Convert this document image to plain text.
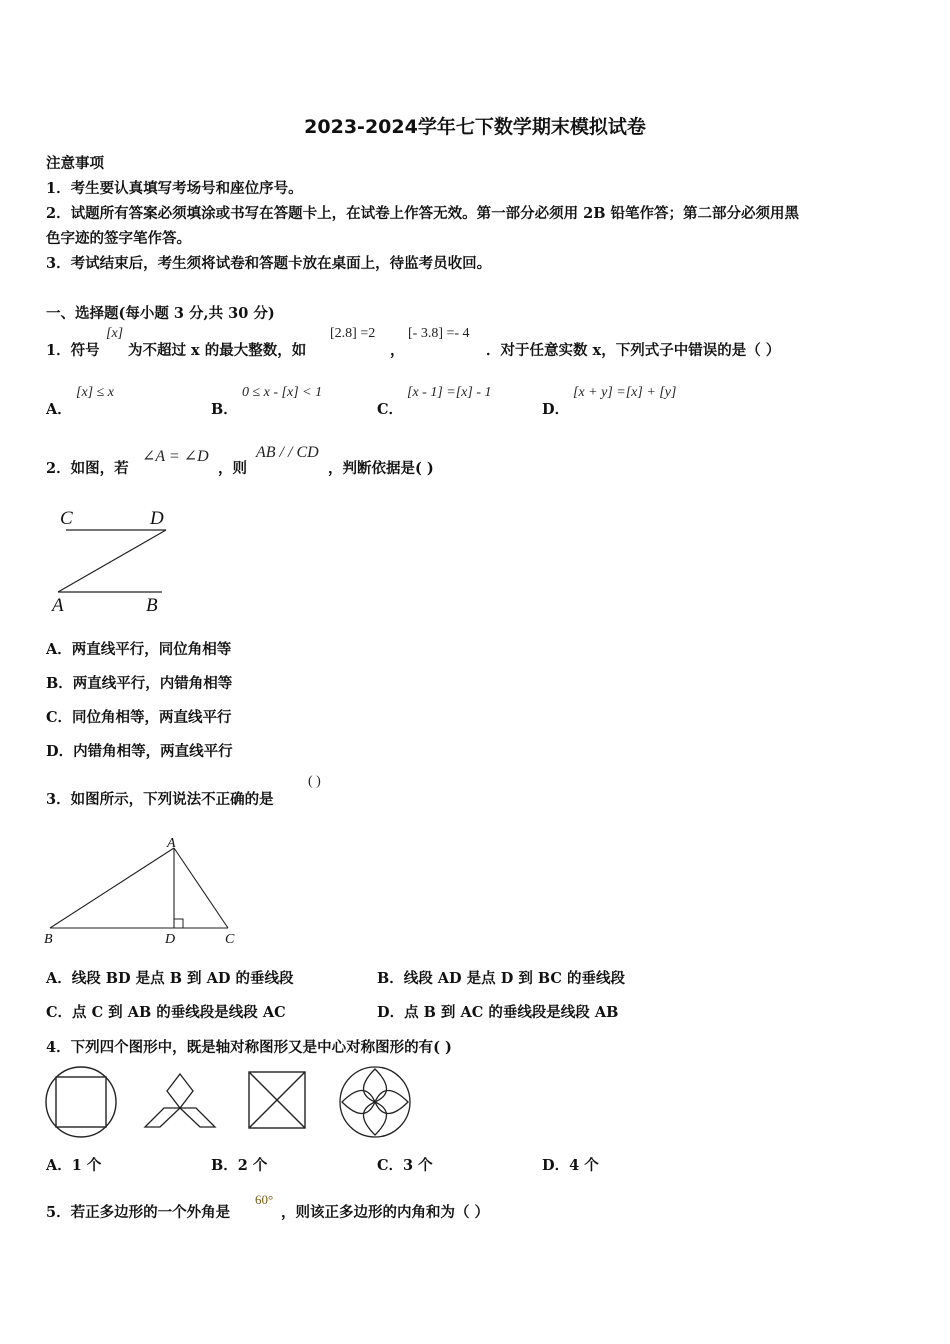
2023-2024学年七下数学期末模拟试卷
注意事项
1．考生要认真填写考场号和座位序号。
2．试题所有答案必须填涂或书写在答题卡上，在试卷上作答无效。第一部分必须用 2B 铅笔作答；第二部分必须用黑
色字迹的签字笔作答。
3．考试结束后，考生须将试卷和答题卡放在桌面上，待监考员收回。
一、选择题(每小题 3 分,共 30 分)
1．符号
[x]
为不超过 x 的最大整数，如
[2.8] =2
，
[- 3.8] =- 4
．对于任意实数 x，下列式子中错误的是（ ）
A．
[x] ≤ x
B．
0 ≤ x - [x] < 1
C．
[x - 1] =[x] - 1
D．
[x + y] =[x] + [y]
2．如图，若
∠A = ∠D
，则
AB / / CD
，判断依据是( )
C	D
A	B
A．两直线平行，同位角相等
B．两直线平行，内错角相等
C．同位角相等，两直线平行
D．内错角相等，两直线平行
3．如图所示，下列说法不正确的是
( )
A
B	D	C
A．线段 BD 是点 B 到 AD 的垂线段	B．线段 AD 是点 D 到 BC 的垂线段
C．点 C 到 AB 的垂线段是线段 AC	D．点 B 到 AC 的垂线段是线段 AB
4．下列四个图形中，既是轴对称图形又是中心对称图形的有( )
A．1 个	B．2 个	C．3 个	D．4 个
5．若正多边形的一个外角是
60°
，则该正多边形的内角和为（ ）
